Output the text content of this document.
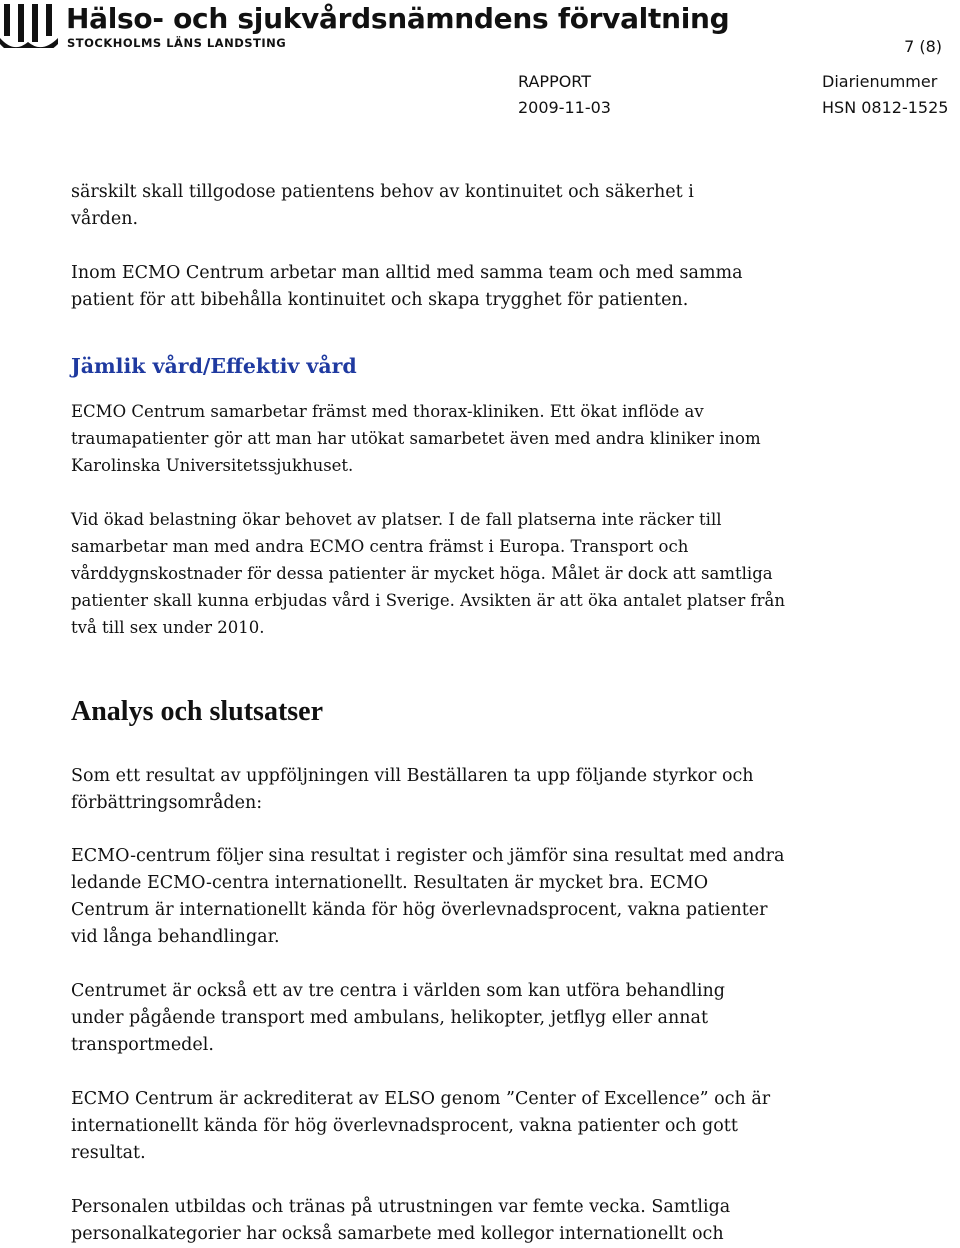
Hälso- och sjukvårdsnämndens förvaltning
STOCKHOLMS LÄNS LANDSTING	7 (8)
RAPPORT
2009-11-03
Diarienummer
HSN 0812-1525

särskilt skall tillgodose patientens behov av kontinuitet och säkerhet i vården.

Inom ECMO Centrum arbetar man alltid med samma team och med samma patient för att bibehålla kontinuitet och skapa trygghet för patienten.

Jämlik vård/Effektiv vård

ECMO Centrum samarbetar främst med thorax-kliniken. Ett ökat inflöde av traumapatienter gör att man har utökat samarbetet även med andra kliniker inom Karolinska Universitetssjukhuset.

Vid ökad belastning ökar behovet av platser. I de fall platserna inte räcker till samarbetar man med andra ECMO centra främst i Europa. Transport och vårddygnskostnader för dessa patienter är mycket höga. Målet är dock att samtliga patienter skall kunna erbjudas vård i Sverige. Avsikten är att öka antalet platser från två till sex under 2010.

Analys och slutsatser

Som ett resultat av uppföljningen vill Beställaren ta upp följande styrkor och förbättringsområden:

ECMO-centrum följer sina resultat i register och jämför sina resultat med andra ledande ECMO-centra internationellt. Resultaten är mycket bra. ECMO Centrum är internationellt kända för hög överlevnadsprocent, vakna patienter vid långa behandlingar.

Centrumet är också ett av tre centra i världen som kan utföra behandling under pågående transport med ambulans, helikopter, jetflyg eller annat transportmedel.

ECMO Centrum är ackrediterat av ELSO genom ”Center of Excellence” och är internationellt kända för hög överlevnadsprocent, vakna patienter och gott resultat.

Personalen utbildas och tränas på utrustningen var femte vecka. Samtliga personalkategorier har också samarbete med kollegor internationellt och
